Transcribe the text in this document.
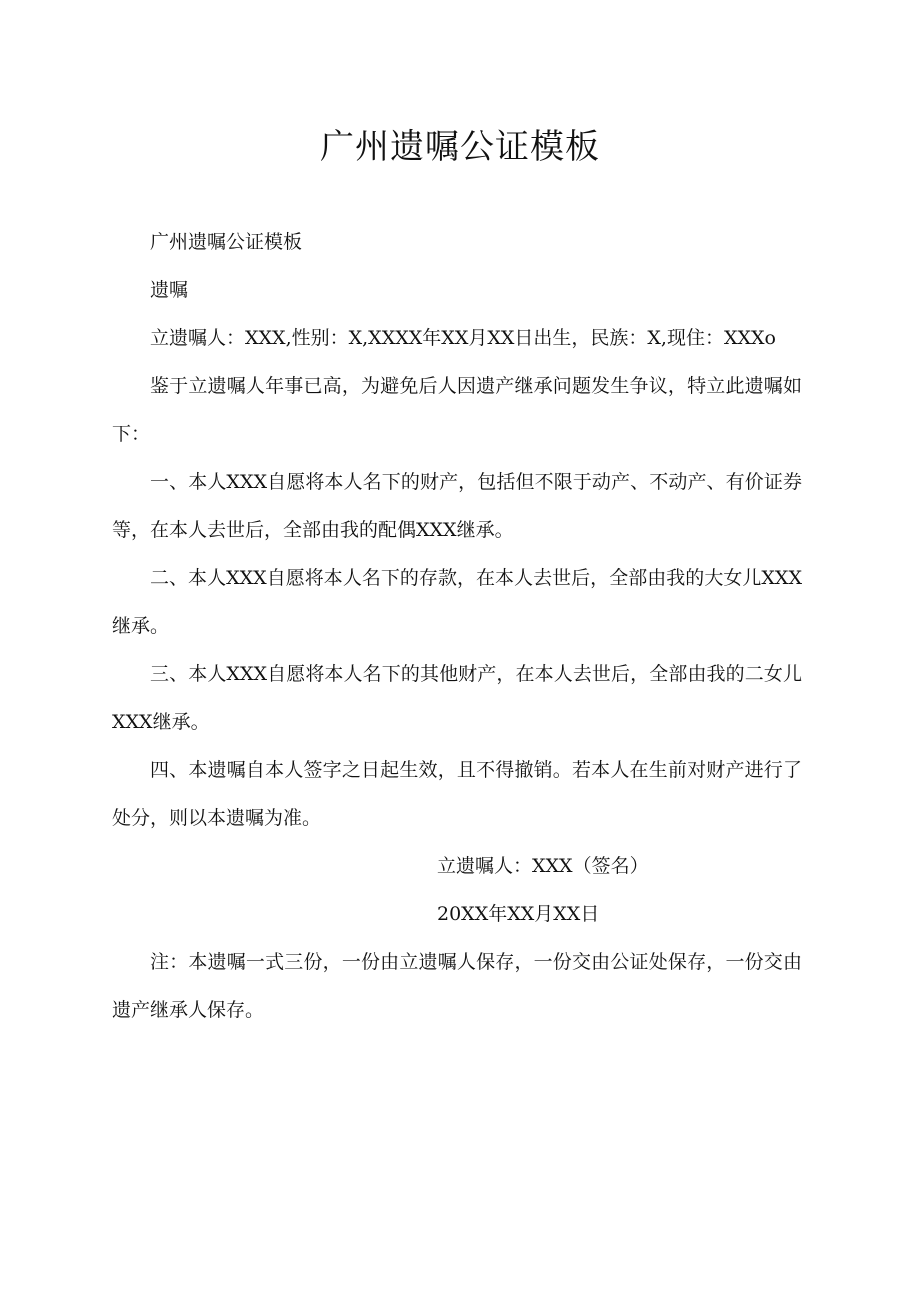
广州遗嘱公证模板

广州遗嘱公证模板

遗嘱

立遗嘱人：XXX,性别：X,XXXX年XX月XX日出生，民族：X,现住：XXXo

鉴于立遗嘱人年事已高，为避免后人因遗产继承问题发生争议，特立此遗嘱如下：

一、本人XXX自愿将本人名下的财产，包括但不限于动产、不动产、有价证券等，在本人去世后，全部由我的配偶XXX继承。

二、本人XXX自愿将本人名下的存款，在本人去世后，全部由我的大女儿XXX继承。

三、本人XXX自愿将本人名下的其他财产，在本人去世后，全部由我的二女儿XXX继承。

四、本遗嘱自本人签字之日起生效，且不得撤销。若本人在生前对财产进行了处分，则以本遗嘱为准。

立遗嘱人：XXX（签名）

20XX年XX月XX日

注：本遗嘱一式三份，一份由立遗嘱人保存，一份交由公证处保存，一份交由遗产继承人保存。
